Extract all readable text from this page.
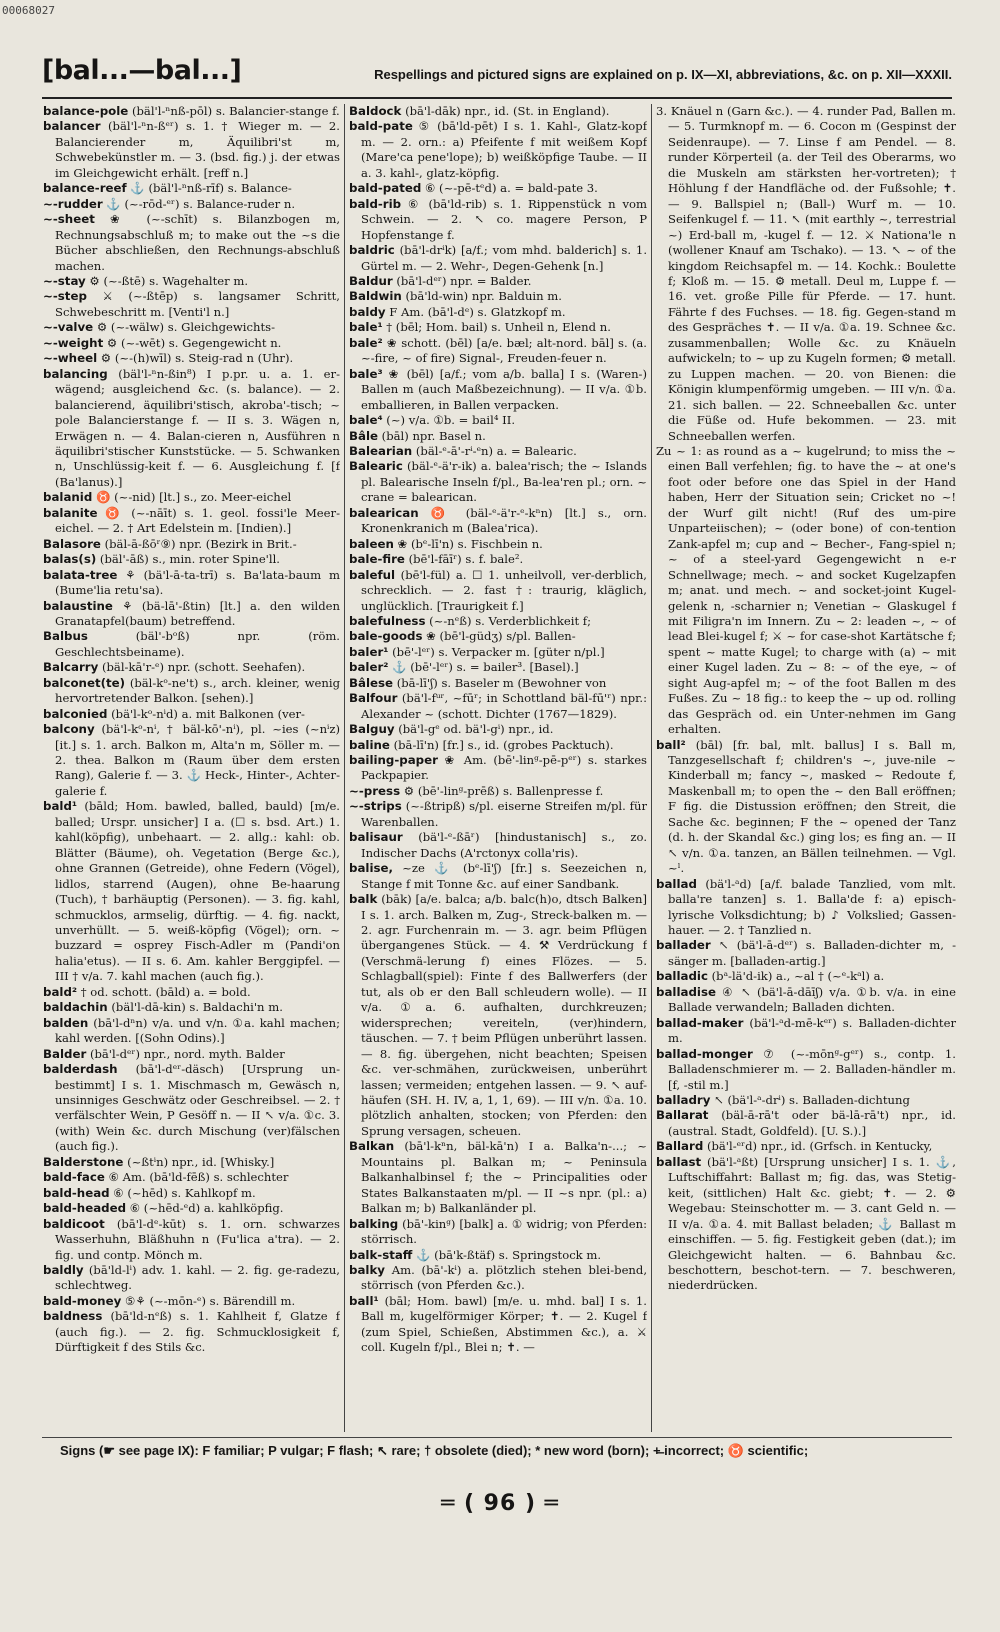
00068027
[bal...—bal...]	Respellings and pictured signs are explained on p. IX—XI, abbreviations, &c. on p. XII—XXXII.

balance-pole (bäl'l-ⁿnß-pōl) s. Balancier-stange f.

balancer (bäl'l-ⁿn-ßᵉʳ) s. 1. † Wieger m. — 2. Balancierender m, Äquilibri'st m, Schwebekünstler m. — 3. (bsd. fig.) j. der etwas im Gleichgewicht erhält. [reff n.]

balance-reef ⚓ (bäl'l-ⁿnß-rīf) s. Balance-

~-rudder ⚓ (~-rōd-ᵉʳ) s. Balance-ruder n.

~-sheet ❀ (~-schīt) s. Bilanzbogen m, Rechnungsabschluß m; to make out the ~s die Bücher abschließen, den Rechnungs-abschluß machen.

~-stay ⚙ (~-ßtē) s. Wagehalter m.

~-step ⚔ (~-ßtēp) s. langsamer Schritt, Schwebeschritt m. [Venti'l n.]

~-valve ⚙ (~-wälw) s. Gleichgewichts-

~-weight ⚙ (~-wēt) s. Gegengewicht n.

~-wheel ⚙ (~-(h)wīl) s. Steig-rad n (Uhr).

balancing (bäl'l-ⁿn-ßin⁸) I p.pr. u. a. 1. er-wägend; ausgleichend &c. (s. balance). — 2. balancierend, äquilibri'stisch, akroba'-tisch; ~ pole Balancierstange f. — II s. 3. Wägen n, Erwägen n. — 4. Balan-cieren n, Ausführen n äquilibri'stischer Kunststücke. — 5. Schwanken n, Unschlüssig-keit f. — 6. Ausgleichung f. [f (Ba'lanus).]

balanid ♉ (~-nid) [lt.] s., zo. Meer-eichel

balanite ♉ (~-nāīt) s. 1. geol. fossi'le Meer-eichel. — 2. † Art Edelstein m. [Indien).]

Balasore (bäl-ā-ßōʳ⑨) npr. (Bezirk in Brit.-

balas(s) (bäl'-āß) s., min. roter Spine'll.

balata-tree ⚘ (bä'l-ā-ta-trī) s. Ba'lata-baum m (Bume'lia retu'sa).

balaustine ⚘ (bä-lā'-ßtin) [lt.] a. den wilden Granatapfel(baum) betreffend.

Balbus (bäl'-bᵒß) npr. (röm. Geschlechtsbeiname).

Balcarry (bäl-kā'r-ᵉ) npr. (schott. Seehafen).

balconet(te) (bäl-kᵒ-ne't) s., arch. kleiner, wenig hervortretender Balkon. [sehen).]

balconied (bä'l-kᵒ-nⁱd) a. mit Balkonen (ver-

balcony (bä'l-kᵒ-nⁱ, † bäl-kō'-nⁱ), pl. ~ies (~nⁱz) [it.] s. 1. arch. Balkon m, Alta'n m, Söller m. — 2. thea. Balkon m (Raum über dem ersten Rang), Galerie f. — 3. ⚓ Heck-, Hinter-, Achter-galerie f.

bald¹ (bāld; Hom. bawled, balled, bauld) [m/e. balled; Urspr. unsicher] I a. (☐ s. bsd. Art.) 1. kahl(köpfig), unbehaart. — 2. allg.: kahl: ob. Blätter (Bäume), oh. Vegetation (Berge &c.), ohne Grannen (Getreide), ohne Federn (Vögel), lidlos, starrend (Augen), ohne Be-haarung (Tuch), † barhäuptig (Personen). — 3. fig. kahl, schmucklos, armselig, dürftig. — 4. fig. nackt, unverhüllt. — 5. weiß-köpfig (Vögel); orn. ~ buzzard = osprey Fisch-Adler m (Pandi'on halia'etus). — II s. 6. Am. kahler Berggipfel. — III † v/a. 7. kahl machen (auch fig.).

bald² † od. schott. (bāld) a. = bold.

baldachin (bäl'l-dā-kin) s. Baldachi'n m.

balden (bā'l-dⁿn) v/a. und v/n. ①a. kahl machen; kahl werden. [(Sohn Odins).]

Balder (bā'l-dᵉʳ) npr., nord. myth. Balder

balderdash (bā'l-dᵉʳ-däsch) [Ursprung un-bestimmt] I s. 1. Mischmasch m, Gewäsch n, unsinniges Geschwätz oder Geschreibsel. — 2. † verfälschter Wein, P Gesöff n. — II ↖ v/a. ①c. 3. (with) Wein &c. durch Mischung (ver)fälschen (auch fig.).

Balderstone (~ßtⁱn) npr., id. [Whisky.]

bald-face ⑥ Am. (bā'ld-fēß) s. schlechter

bald-head ⑥ (~hēd) s. Kahlkopf m.

bald-headed ⑥ (~hēd-ᵉd) a. kahlköpfig.

baldicoot (bā'l-dᵉ-kūt) s. 1. orn. schwarzes Wasserhuhn, Bläßhuhn n (Fu'lica a'tra). — 2. fig. und contp. Mönch m.

baldly (bā'ld-lⁱ) adv. 1. kahl. — 2. fig. ge-radezu, schlechtweg.

bald-money ⑤⚘ (~-mōn-ᵉ) s. Bärendill m.

baldness (bā'ld-nᵉß) s. 1. Kahlheit f, Glatze f (auch fig.). — 2. fig. Schmucklosigkeit f, Dürftigkeit f des Stils &c.

Baldock (bā'l-dāk) npr., id. (St. in England).

bald-pate ⑤ (bā'ld-pēt) I s. 1. Kahl-, Glatz-kopf m. — 2. orn.: a) Pfeifente f mit weißem Kopf (Mare'ca pene'lope); b) weißköpfige Taube. — II a. 3. kahl-, glatz-köpfig.

bald-pated ⑥ (~-pē-tᵉd) a. = bald-pate 3.

bald-rib ⑥ (bā'ld-rib) s. 1. Rippenstück n vom Schwein. — 2. ↖ co. magere Person, P Hopfenstange f.

baldric (bā'l-drⁱk) [a/f.; vom mhd. balderich] s. 1. Gürtel m. — 2. Wehr-, Degen-Gehenk [n.]

Baldur (bā'l-dᵉʳ) npr. = Balder.

Baldwin (bā'ld-win) npr. Balduin m.

baldy F Am. (bā'l-dᵉ) s. Glatzkopf m.

bale¹ † (bēl; Hom. bail) s. Unheil n, Elend n.

bale² ❀ schott. (bēl) [a/e. bæl; alt-nord. bāl] s. (a. ~-fire, ~ of fire) Signal-, Freuden-feuer n.

bale³ ❀ (bēl) [a/f.; vom a/b. balla] I s. (Waren-) Ballen m (auch Maßbezeichnung). — II v/a. ①b. emballieren, in Ballen verpacken.

bale⁴ (~) v/a. ①b. = bail⁴ II.

Bâle (bāl) npr. Basel n.

Balearian (bäl-ᵉ-ā'-rⁱ-ᵉn) a. = Balearic.

Balearic (bäl-ᵉ-ä'r-ik) a. balea'risch; the ~ Islands pl. Balearische Inseln f/pl., Ba-lea'ren pl.; orn. ~ crane = balearican.

balearican ♉ (bäl-ᵉ-ä'r-ᵉ-kⁿn) [lt.] s., orn. Kronenkranich m (Balea'rica).

baleen ❀ (bᵉ-lī'n) s. Fischbein n.

bale-fire (bē'l-fāīʳ) s. f. bale².

baleful (bē'l-fül) a. ☐ 1. unheilvoll, ver-derblich, schrecklich. — 2. fast †: traurig, kläglich, unglücklich. [Traurigkeit f.]

balefulness (~-nᵉß) s. Verderblichkeit f;

bale-goods ❀ (bē'l-güdʒ) s/pl. Ballen-

baler¹ (bē'-lᵉʳ) s. Verpacker m. [güter n/pl.]

baler² ⚓ (bē'-lᵉʳ) s. = bailer³. [Basel).]

Bâlese (bā-lī'ʃ) s. Baseler m (Bewohner von

Balfour (bä'l-fᵘʳ, ~fūʳ; in Schottland bäl-fū'ʳ) npr.: Alexander ~ (schott. Dichter (1767—1829).

Balguy (bä'l-gᵉ od. bä'l-gⁱ) npr., id.

baline (bā-lī'n) [fr.] s., id. (grobes Packtuch).

bailing-paper ❀ Am. (bē'-linᵍ-pē-pᵉʳ) s. starkes Packpapier.

~-press ⚙ (bē'-linᵍ-prēß) s. Ballenpresse f.

~-strips (~-ßtripß) s/pl. eiserne Streifen m/pl. für Warenballen.

balisaur (bä'l-ᵉ-ßāʳ) [hindustanisch] s., zo. Indischer Dachs (A'rctonyx colla'ris).

balise, ~ze ⚓ (bᵉ-lī'ʃ) [fr.] s. Seezeichen n, Stange f mit Tonne &c. auf einer Sandbank.

balk (bāk) [a/e. balca; a/b. balc(h)o, dtsch Balken] I s. 1. arch. Balken m, Zug-, Streck-balken m. — 2. agr. Furchenrain m. — 3. agr. beim Pflügen übergangenes Stück. — 4. ⚒ Verdrückung f (Verschmä-lerung f) eines Flözes. — 5. Schlagball(spiel): Finte f des Ballwerfers (der tut, als ob er den Ball schleudern wolle). — II v/a. ①a. 6. aufhalten, durchkreuzen; widersprechen; vereiteln, (ver)hindern, täuschen. — 7. † beim Pflügen unberührt lassen. — 8. fig. übergehen, nicht beachten; Speisen &c. ver-schmähen, zurückweisen, unberührt lassen; vermeiden; entgehen lassen. — 9. ↖ auf-häufen (SH. H. IV, a, 1, 1, 69). — III v/n. ①a. 10. plötzlich anhalten, stocken; von Pferden: den Sprung versagen, scheuen.

Balkan (bā'l-kⁿn, bäl-kā'n) I a. Balka'n-...; ~ Mountains pl. Balkan m; ~ Peninsula Balkanhalbinsel f; the ~ Principalities oder States Balkanstaaten m/pl. — II ~s npr. (pl.: a) Balkan m; b) Balkanländer pl.

balking (bā'-kinᵍ) [balk] a. ① widrig; von Pferden: störrisch.

balk-staff ⚓ (bā'k-ßtäf) s. Springstock m.

balky Am. (bā'-kⁱ) a. plötzlich stehen blei-bend, störrisch (von Pferden &c.).

ball¹ (bāl; Hom. bawl) [m/e. u. mhd. bal] I s. 1. Ball m, kugelförmiger Körper; ✝. — 2. Kugel f (zum Spiel, Schießen, Abstimmen &c.), a. ⚔ coll. Kugeln f/pl., Blei n; ✝. —

3. Knäuel n (Garn &c.). — 4. runder Pad, Ballen m. — 5. Turmknopf m. — 6. Cocon m (Gespinst der Seidenraupe). — 7. Linse f am Pendel. — 8. runder Körperteil (a. der Teil des Oberarms, wo die Muskeln am stärksten her-vortreten); † Höhlung f der Handfläche od. der Fußsohle; ✝. — 9. Ballspiel n; (Ball-) Wurf m. — 10. Seifenkugel f. — 11. ↖ (mit earthly ~, terrestrial ~) Erd-ball m, -kugel f. — 12. ⚔ Nationa'le n (wollener Knauf am Tschako). — 13. ↖ ~ of the kingdom Reichsapfel m. — 14. Kochk.: Boulette f; Kloß m. — 15. ⚙ metall. Deul m, Luppe f. — 16. vet. große Pille für Pferde. — 17. hunt. Fährte f des Fuchses. — 18. fig. Gegen-stand m des Gespräches ✝. — II v/a. ①a. 19. Schnee &c. zusammenballen; Wolle &c. zu Knäueln aufwickeln; to ~ up zu Kugeln formen; ⚙ metall. zu Luppen machen. — 20. von Bienen: die Königin klumpenförmig umgeben. — III v/n. ①a. 21. sich ballen. — 22. Schneeballen &c. unter die Füße od. Hufe bekommen. — 23. mit Schneeballen werfen.

Zu ~ 1: as round as a ~ kugelrund; to miss the ~ einen Ball verfehlen; fig. to have the ~ at one's foot oder before one das Spiel in der Hand haben, Herr der Situation sein; Cricket no ~! der Wurf gilt nicht! (Ruf des um-pire Unparteiischen); ~ (oder bone) of con-tention Zank-apfel m; cup and ~ Becher-, Fang-spiel n; ~ of a steel-yard Gegengewicht n e-r Schnellwage; mech. ~ and socket Kugelzapfen m; anat. und mech. ~ and socket-joint Kugel-gelenk n, -scharnier n; Venetian ~ Glaskugel f mit Filigra'n im Innern. Zu ~ 2: leaden ~, ~ of lead Blei-kugel f; ⚔ ~ for case-shot Kartätsche f; spent ~ matte Kugel; to charge with (a) ~ mit einer Kugel laden. Zu ~ 8: ~ of the eye, ~ of sight Aug-apfel m; ~ of the foot Ballen m des Fußes. Zu ~ 18 fig.: to keep the ~ up od. rolling das Gespräch od. ein Unter-nehmen im Gang erhalten.

ball² (bāl) [fr. bal, mlt. ballus] I s. Ball m, Tanzgesellschaft f; children's ~, juve-nile ~ Kinderball m; fancy ~, masked ~ Redoute f, Maskenball m; to open the ~ den Ball eröffnen; F fig. die Distussion eröffnen; den Streit, die Sache &c. beginnen; F the ~ opened der Tanz (d. h. der Skandal &c.) ging los; es fing an. — II ↖ v/n. ①a. tanzen, an Bällen teilnehmen. — Vgl. ~ˡ.

ballad (bä'l-ᵃd) [a/f. balade Tanzlied, vom mlt. balla're tanzen] s. 1. Balla'de f: a) episch-lyrische Volksdichtung; b) ♪ Volkslied; Gassen-hauer. — 2. † Tanzlied n.

ballader ↖ (bä'l-ā-dᵉʳ) s. Balladen-dichter m, -sänger m. [balladen-artig.]

balladic (bᵃ-lä'd-ik) a., ~al † (~ᵉ-kᵃl) a.

balladise ④ ↖ (bä'l-ā-dāīʃ) v/a. ①b. v/a. in eine Ballade verwandeln; Balladen dichten.

ballad-maker (bä'l-ᵃd-mē-kᵉʳ) s. Balladen-dichter m.

ballad-monger ⑦ (~-mōnᵍ-gᵉʳ) s., contp. 1. Balladenschmierer m. — 2. Balladen-händler m. [f, -stil m.]

balladry ↖ (bä'l-ᵃ-drⁱ) s. Balladen-dichtung

Ballarat (bäl-ā-rā't oder bä-lā-rā't) npr., id. (austral. Stadt, Goldfeld). [U. S.).]

Ballard (bä'l-ᵉʳd) npr., id. (Grfsch. in Kentucky,

ballast (bä'l-ᵃßt) [Ursprung unsicher] I s. 1. ⚓, Luftschiffahrt: Ballast m; fig. das, was Stetig-keit, (sittlichen) Halt &c. giebt; ✝. — 2. ⚙ Wegebau: Steinschotter m. — 3. cant Geld n. — II v/a. ①a. 4. mit Ballast beladen; ⚓ Ballast m einschiffen. — 5. fig. Festigkeit geben (dat.); im Gleichgewicht halten. — 6. Bahnbau &c. beschottern, beschot-tern. — 7. beschweren, niederdrücken.

Signs (☛ see page IX): F familiar; P vulgar; F flash; ↖ rare; † obsolete (died); * new word (born); +̶ incorrect; ♉ scientific;
═ ( 96 ) ═
